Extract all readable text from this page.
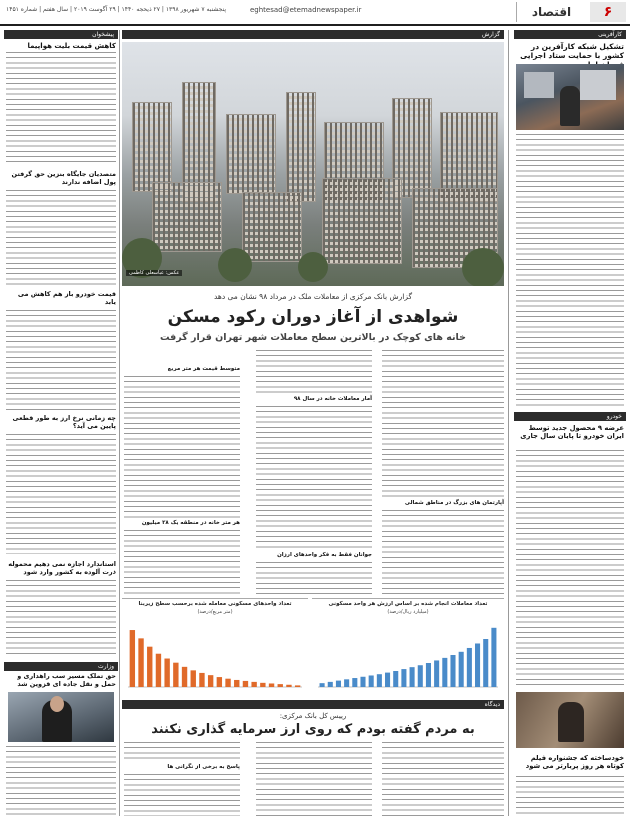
۶
اقتصاد
eghtesad@etemadnewspaper.ir
پنجشنبه ۷ شهریور ۱۳۹۸ | ۲۷ ذیحجه ۱۴۴۰ | ۲۹ آگوست ۲۰۱۹ | سال هفتم | شماره ۱۴۵۱
کارآفرینی
تشکیل شبکه کارآفرین در کشور با حمایت ستاد اجرایی
خودرو
عرضه ۹ محصول جدید توسط ایران خودرو تا پایان سال جاری
خودساخته که جشنواره فیلم کوتاه هر روز پربارتر می شود
گزارش
عکس: عباسعلی کاظمی
گزارش بانک مرکزی از معاملات ملک در مرداد ۹۸ نشان می دهد
شواهدی از آغاز دوران رکود مسکن
خانه های کوچک در بالاترین سطح معاملات شهر تهران قرار گرفت
آمار معاملات خانه در سال ۹۸
هر متر خانه در منطقه یک ۲۸ میلیون
جوانان فقط به فکر واحدهای ارزان
آپارتمان های بزرگ در مناطق شمالی
متوسط قیمت هر متر مربع
تعداد معاملات انجام شده بر اساس ارزش هر واحد مسکونی
(میلیارد ریال/درصد)
تعداد واحدهای مسکونی معامله شده برحسب سطح زیربنا
(متر مربع/درصد)
دیدگاه
رییس کل بانک مرکزی:
به مردم گفته بودم که روی ارز سرمایه گذاری نکنند
پاسخ به برخی از نگرانی ها
پیشخوان
کاهش قیمت بلیت هواپیما
متصدیان جایگاه بنزین حق گرفتن پول اضافه ندارند
قیمت خودرو باز هم کاهش می یابد
چه زمانی نرخ ارز به طور قطعی پایین می آید؟
استاندارد اجازه نمی دهیم محموله ذرت آلوده به کشور وارد شود
وزارت
حق تملک مسیر سب راهداری و حمل و نقل جاده ای قزوین شد
